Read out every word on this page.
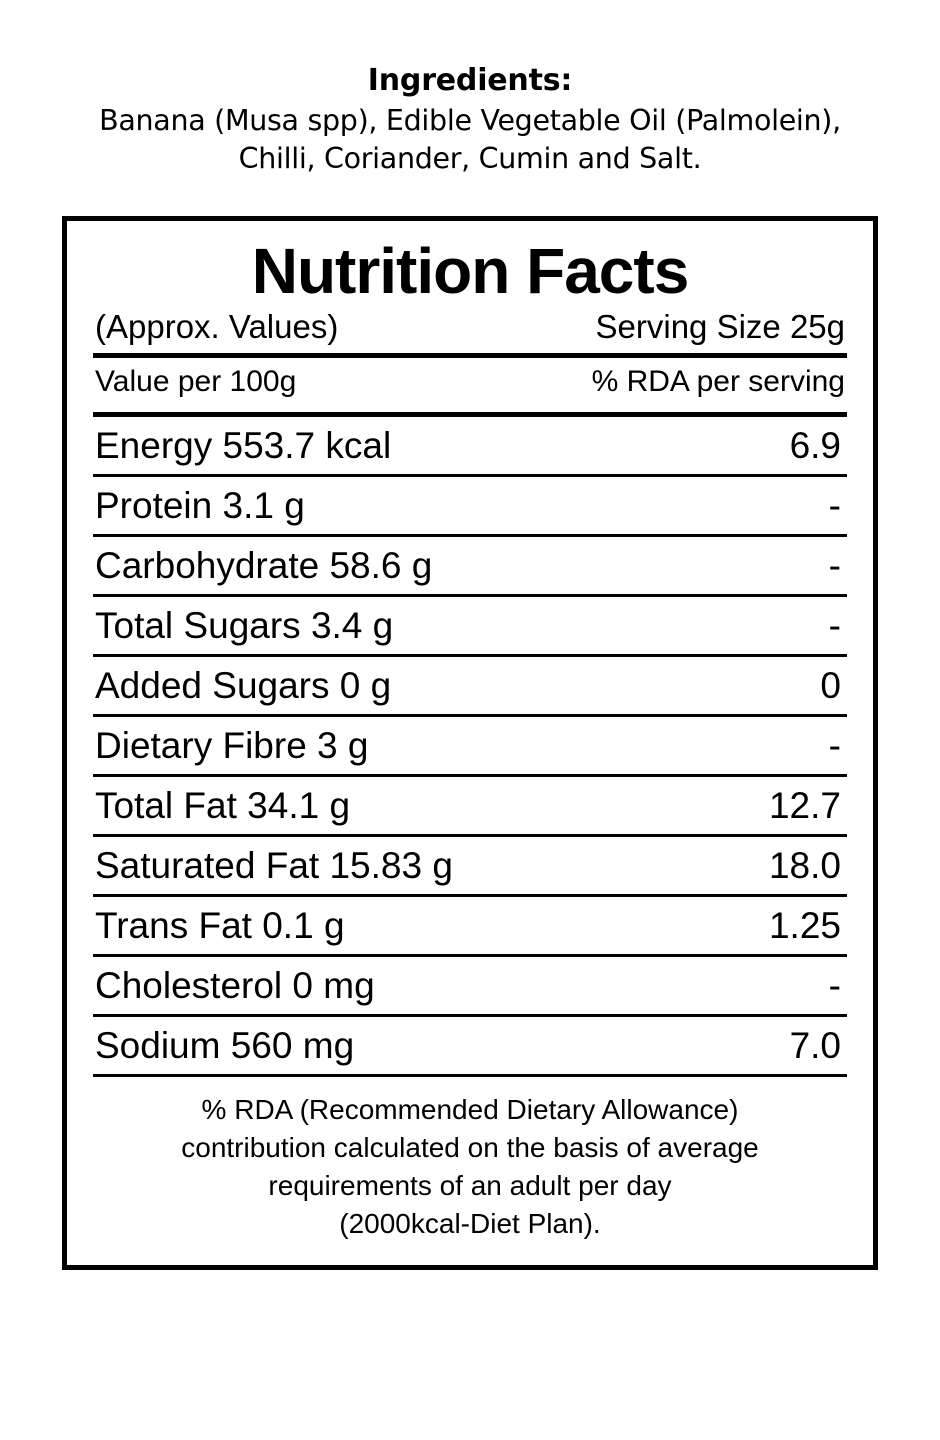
Ingredients:
Banana (Musa spp), Edible Vegetable Oil (Palmolein),
Chilli, Coriander, Cumin and Salt.
Nutrition Facts
(Approx. Values)	Serving Size 25g
Value per 100g	% RDA per serving
Energy 553.7 kcal	6.9
Protein 3.1 g	-
Carbohydrate 58.6 g	-
Total Sugars 3.4 g	-
Added Sugars 0 g	0
Dietary Fibre 3 g	-
Total Fat 34.1 g	12.7
Saturated Fat 15.83 g	18.0
Trans Fat 0.1 g	1.25
Cholesterol 0 mg	-
Sodium 560 mg	7.0
% RDA (Recommended Dietary Allowance)
contribution calculated on the basis of average
requirements of an adult per day
(2000kcal-Diet Plan).
